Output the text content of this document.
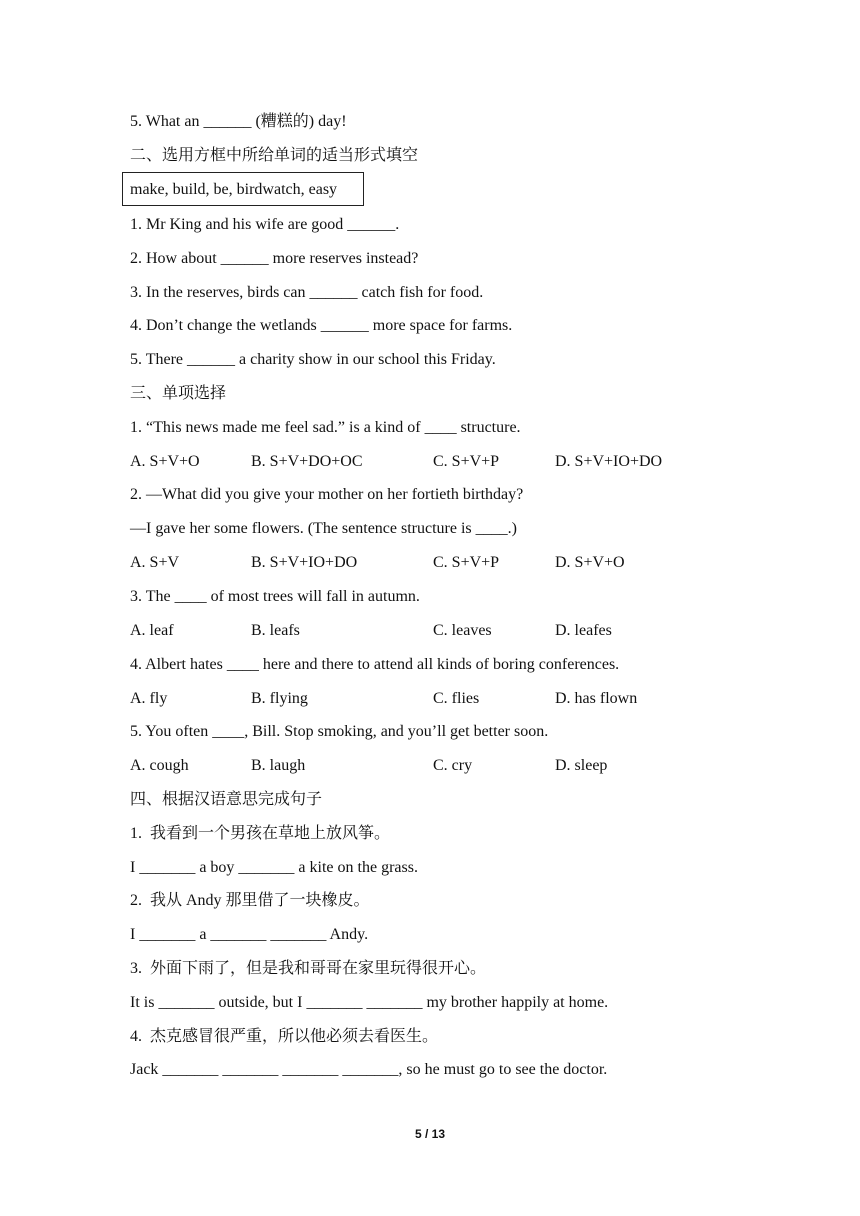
5. What an ______ (糟糕的) day!
二、选用方框中所给单词的适当形式填空
make, build, be, birdwatch, easy
1. Mr King and his wife are good ______.
2. How about ______ more reserves instead?
3. In the reserves, birds can ______ catch fish for food.
4. Don’t change the wetlands ______ more space for farms.
5. There ______ a charity show in our school this Friday.
三、单项选择
1. “This news made me feel sad.” is a kind of ____ structure.
A. S+V+O	B. S+V+DO+OC	C. S+V+P	D. S+V+IO+DO
2. —What did you give your mother on her fortieth birthday?
—I gave her some flowers. (The sentence structure is ____.)
A. S+V	B. S+V+IO+DO	C. S+V+P	D. S+V+O
3. The ____ of most trees will fall in autumn.
A. leaf	B. leafs	C. leaves	D. leafes
4. Albert hates ____ here and there to attend all kinds of boring conferences.
A. fly	B. flying	C. flies	D. has flown
5. You often ____, Bill. Stop smoking, and you’ll get better soon.
A. cough	B. laugh	C. cry	D. sleep
四、根据汉语意思完成句子
1.  我看到一个男孩在草地上放风筝。
I _______ a boy _______ a kite on the grass.
2.  我从 Andy 那里借了一块橡皮。
I _______ a _______ _______ Andy.
3.  外面下雨了，但是我和哥哥在家里玩得很开心。
It is _______ outside, but I _______ _______ my brother happily at home.
4.  杰克感冒很严重，所以他必须去看医生。
Jack _______ _______ _______ _______, so he must go to see the doctor.
5 / 13
